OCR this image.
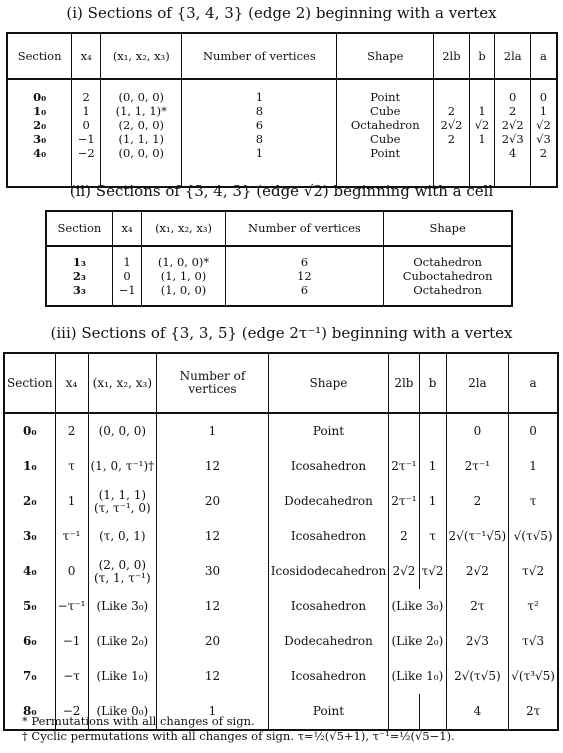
(i) Sections of {3, 4, 3} (edge 2) beginning with a vertex
Section	x₄	(x₁, x₂, x₃)	Number of vertices	Shape	2lb	b	2la	a
0₀	2	(0, 0, 0)	1	Point			0	0
1₀	1	(1, 1, 1)*	8	Cube	2	1	2	1
2₀	0	(2, 0, 0)	6	Octahedron	2√2	√2	2√2	√2
3₀	−1	(1, 1, 1)	8	Cube	2	1	2√3	√3
4₀	−2	(0, 0, 0)	1	Point			4	2
(ii) Sections of {3, 4, 3} (edge √2) beginning with a cell
Section	x₄	(x₁, x₂, x₃)	Number of vertices	Shape
1₃	1	(1, 0, 0)*	6	Octahedron
2₃	0	(1, 1, 0)	12	Cuboctahedron
3₃	−1	(1, 0, 0)	6	Octahedron
(iii) Sections of {3, 3, 5} (edge 2τ⁻¹) beginning with a vertex
Section	x₄	(x₁, x₂, x₃)	Number of vertices	Shape	2lb	b	2la	a
0₀	2	(0, 0, 0)	1	Point			0	0
1₀	τ	(1, 0, τ⁻¹)†	12	Icosahedron	2τ⁻¹	1	2τ⁻¹	1
2₀	1	(1, 1, 1)
(τ, τ⁻¹, 0)	20	Dodecahedron	2τ⁻¹	1	2	τ
3₀	τ⁻¹	(τ, 0, 1)	12	Icosahedron	2	τ	2√(τ⁻¹√5)	√(τ√5)
4₀	0	(2, 0, 0)
(τ, 1, τ⁻¹)	30	Icosidodecahedron	2√2	τ√2	2√2	τ√2
5₀	−τ⁻¹	(Like 3₀)	12	Icosahedron	(Like 3₀)		2τ	τ²
6₀	−1	(Like 2₀)	20	Dodecahedron	(Like 2₀)		2√3	τ√3
7₀	−τ	(Like 1₀)	12	Icosahedron	(Like 1₀)		2√(τ√5)	√(τ³√5)
8₀	−2	(Like 0₀)	1	Point			4	2τ
* Permutations with all changes of sign.
† Cyclic permutations with all changes of sign. τ=½(√5+1), τ⁻¹=½(√5−1).
